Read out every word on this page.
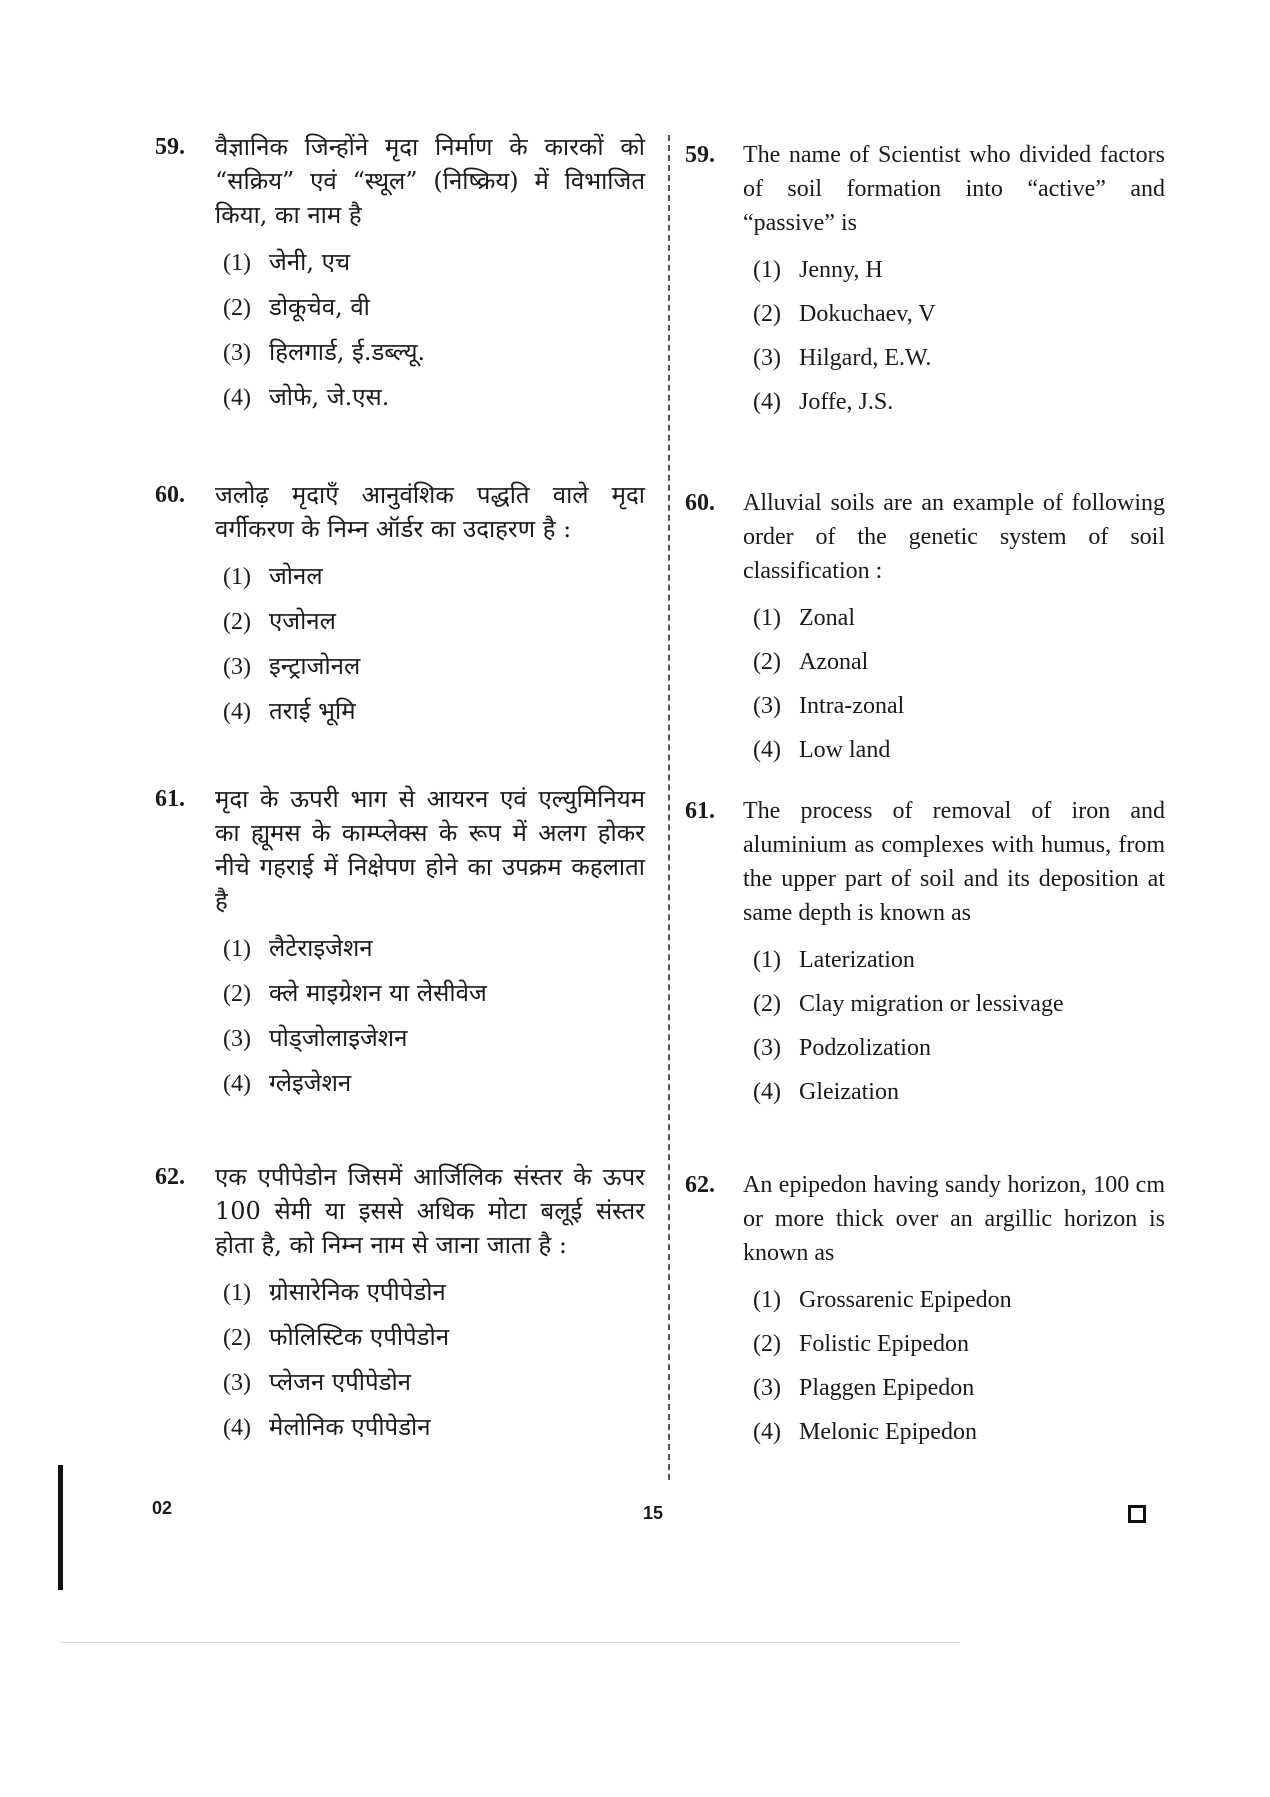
59. वैज्ञानिक जिन्होंने मृदा निर्माण के कारकों को “सक्रिय” एवं “स्थूल” (निष्क्रिय) में विभाजित किया, का नाम है
(1) जेनी, एच
(2) डोकूचेव, वी
(3) हिलगार्ड, ई.डब्ल्यू.
(4) जोफे, जे.एस.
60. जलोढ़ मृदाएँ आनुवंशिक पद्धति वाले मृदा वर्गीकरण के निम्न ऑर्डर का उदाहरण है :
(1) जोनल
(2) एजोनल
(3) इन्ट्राजोनल
(4) तराई भूमि
61. मृदा के ऊपरी भाग से आयरन एवं एल्युमिनियम का ह्यूमस के काम्प्लेक्स के रूप में अलग होकर नीचे गहराई में निक्षेपण होने का उपक्रम कहलाता है
(1) लैटेराइजेशन
(2) क्ले माइग्रेशन या लेसीवेज
(3) पोड्जोलाइजेशन
(4) ग्लेइजेशन
62. एक एपीपेडोन जिसमें आर्जिलिक संस्तर के ऊपर 100 सेमी या इससे अधिक मोटा बलूई संस्तर होता है, को निम्न नाम से जाना जाता है :
(1) ग्रोसारेनिक एपीपेडोन
(2) फोलिस्टिक एपीपेडोन
(3) प्लेजन एपीपेडोन
(4) मेलोनिक एपीपेडोन
59. The name of Scientist who divided factors of soil formation into “active” and “passive” is
(1) Jenny, H
(2) Dokuchaev, V
(3) Hilgard, E.W.
(4) Joffe, J.S.
60. Alluvial soils are an example of following order of the genetic system of soil classification :
(1) Zonal
(2) Azonal
(3) Intra-zonal
(4) Low land
61. The process of removal of iron and aluminium as complexes with humus, from the upper part of soil and its deposition at same depth is known as
(1) Laterization
(2) Clay migration or lessivage
(3) Podzolization
(4) Gleization
62. An epipedon having sandy horizon, 100 cm or more thick over an argillic horizon is known as
(1) Grossarenic Epipedon
(2) Folistic Epipedon
(3) Plaggen Epipedon
(4) Melonic Epipedon
02	15
